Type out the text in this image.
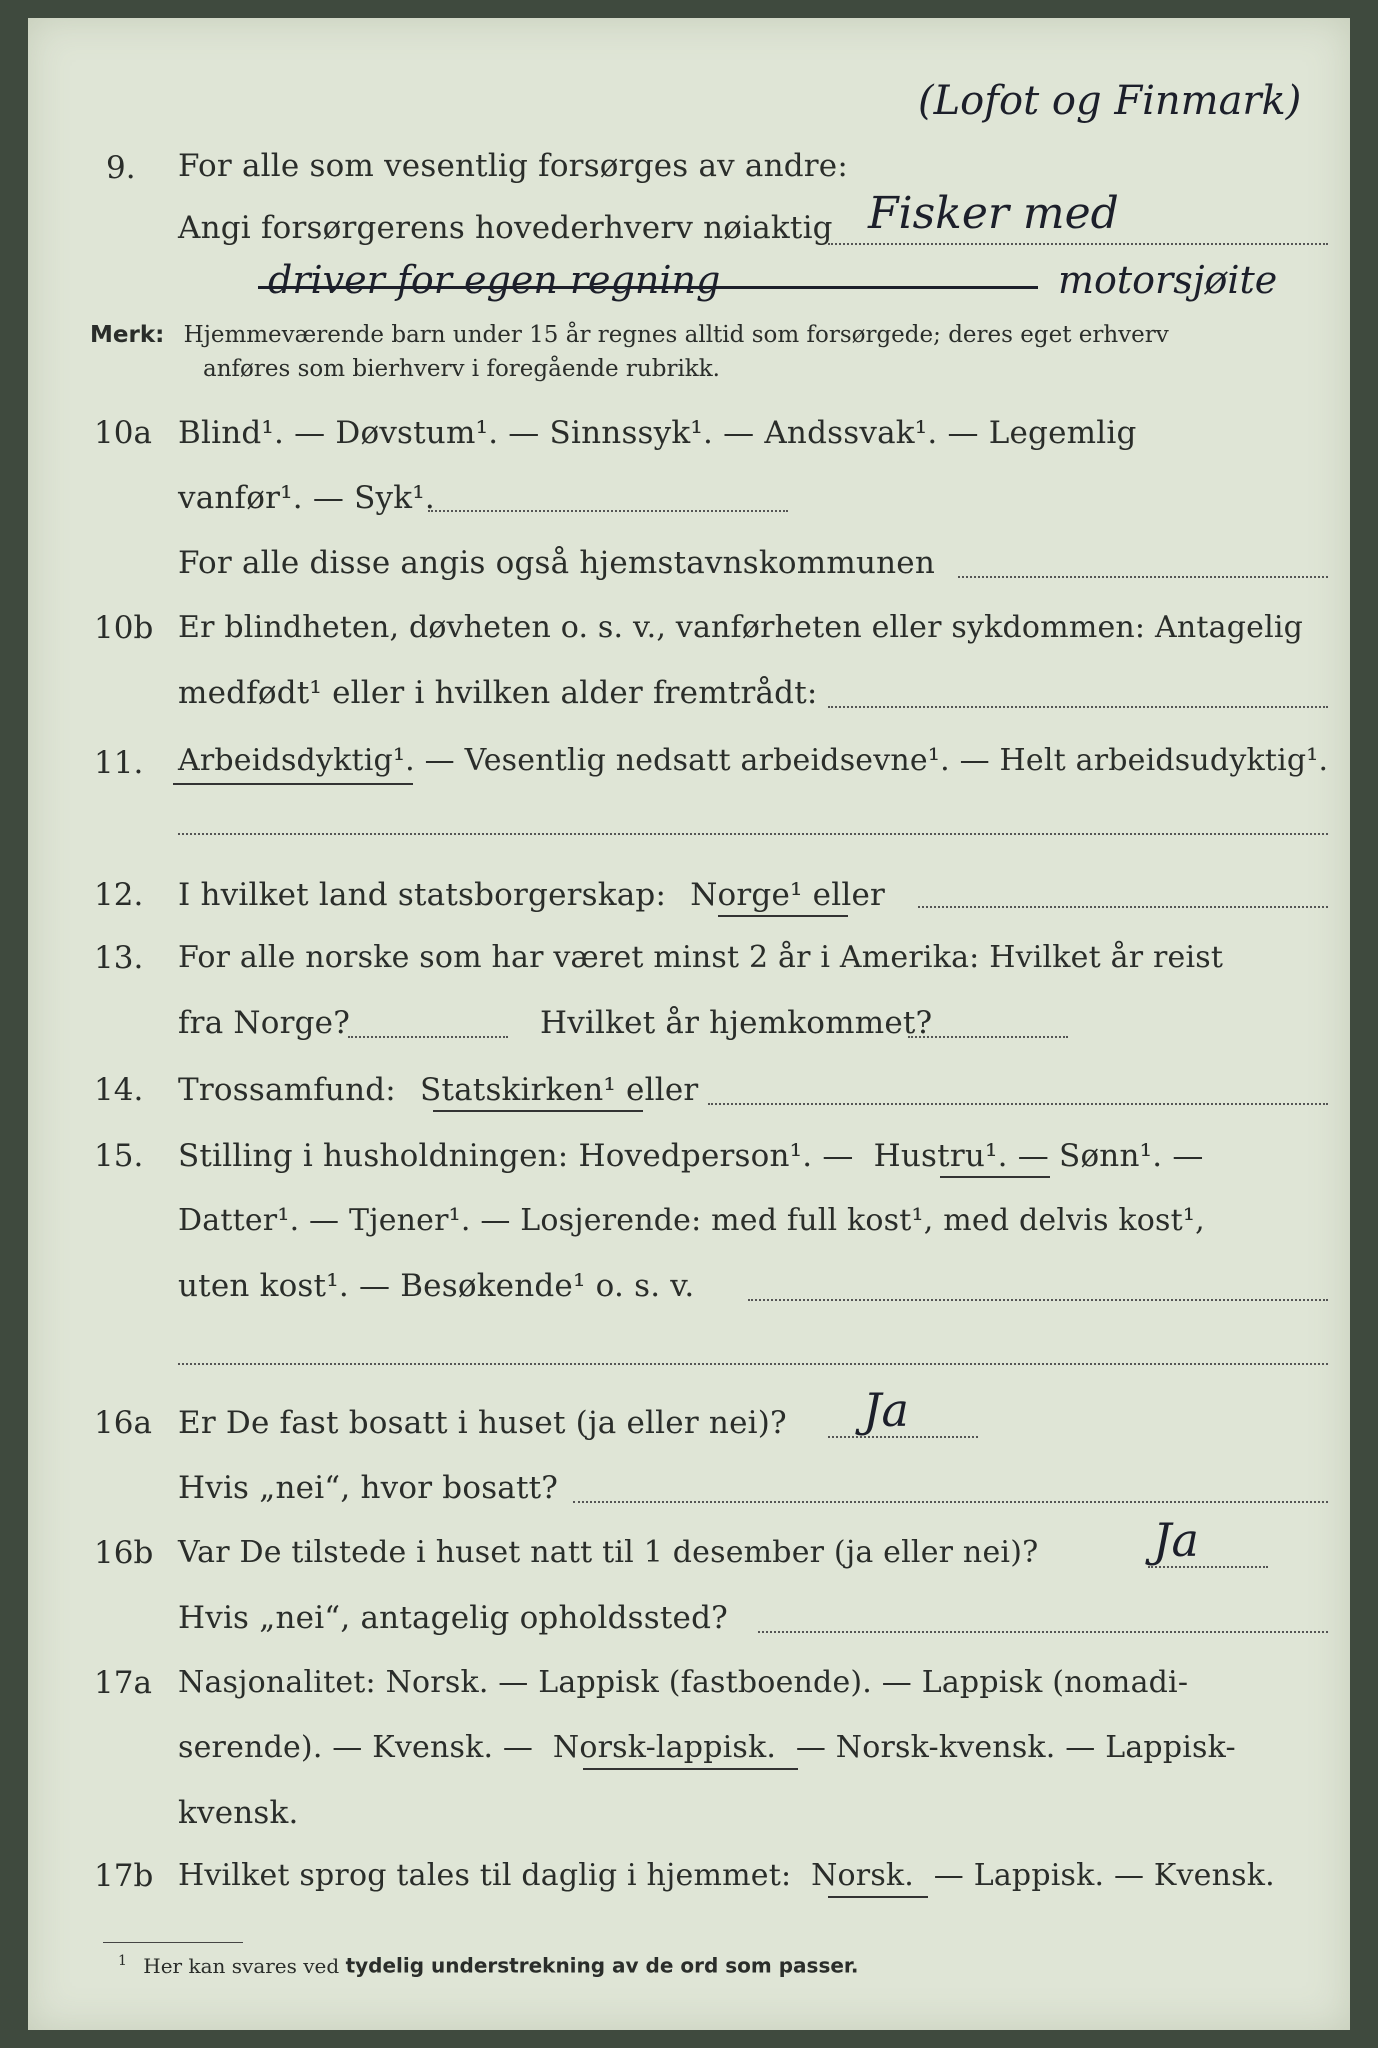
(Lofot og Finmark)
9. For alle som vesentlig forsørges av andre:
Angi forsørgerens hovederhverv nøiaktig Fisker med
driver for egen regning	motorsjøite
Merk: Hjemmeværende barn under 15 år regnes alltid som forsørgede; deres eget erhverv
anføres som bierhverv i foregående rubrikk.
10a Blind¹. — Døvstum¹. — Sinnssyk¹. — Andssvak¹. — Legemlig
vanfør¹. — Syk¹.
For alle disse angis også hjemstavnskommunen
10b Er blindheten, døvheten o. s. v., vanførheten eller sykdommen: Antagelig
medfødt¹ eller i hvilken alder fremtrådt:
11. Arbeidsdyktig¹. — Vesentlig nedsatt arbeidsevne¹. — Helt arbeidsudyktig¹.
12. I hvilket land statsborgerskap: Norge¹ eller
13. For alle norske som har været minst 2 år i Amerika: Hvilket år reist
fra Norge?	Hvilket år hjemkommet?
14. Trossamfund: Statskirken¹ eller
15. Stilling i husholdningen: Hovedperson¹. — Hustru¹. — Sønn¹. —
Datter¹. — Tjener¹. — Losjerende: med full kost¹, med delvis kost¹,
uten kost¹. — Besøkende¹ o. s. v.
16a Er De fast bosatt i huset (ja eller nei)? Ja
Hvis „nei“, hvor bosatt?
16b Var De tilstede i huset natt til 1 desember (ja eller nei)? Ja
Hvis „nei“, antagelig opholdssted?
17a Nasjonalitet: Norsk. — Lappisk (fastboende). — Lappisk (nomadi-
serende). — Kvensk. — Norsk-lappisk. — Norsk-kvensk. — Lappisk-
kvensk.
17b Hvilket sprog tales til daglig i hjemmet: Norsk. — Lappisk. — Kvensk.
$^1$ Her kan svares ved tydelig understrekning av de ord som passer.
